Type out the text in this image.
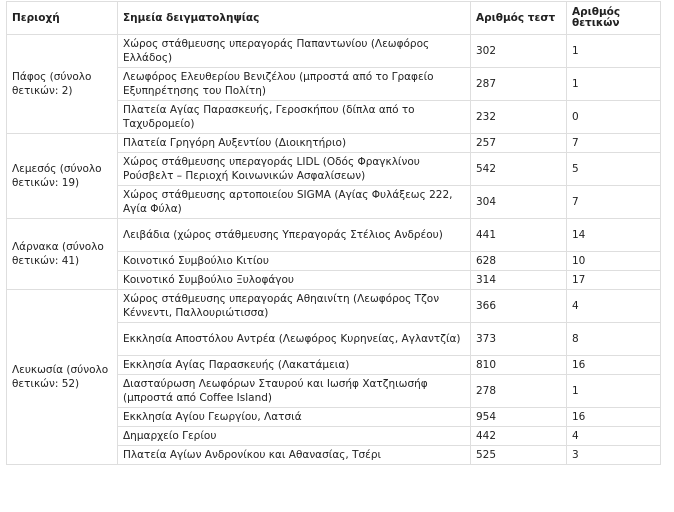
Περιοχή	Σημεία δειγματοληψίας	Αριθμός τεστ	Αριθμός θετικών
Πάφος (σύνολο θετικών: 2)	Χώρος στάθμευσης υπεραγοράς Παπαντωνίου (Λεωφόρος Ελλάδος)	302	1
	Λεωφόρος Ελευθερίου Βενιζέλου (μπροστά από το Γραφείο Εξυπηρέτησης του Πολίτη)	287	1
	Πλατεία Αγίας Παρασκευής, Γεροσκήπου (δίπλα από το Ταχυδρομείο)	232	0
Λεμεσός (σύνολο θετικών: 19)	Πλατεία Γρηγόρη Αυξεντίου (Διοικητήριο)	257	7
	Χώρος στάθμευσης υπεραγοράς LIDL (Οδός Φραγκλίνου Ρούσβελτ – Περιοχή Κοινωνικών Ασφαλίσεων)	542	5
	Χώρος στάθμευσης αρτοποιείου SIGMA (Αγίας Φυλάξεως 222, Αγία Φύλα)	304	7
Λάρνακα (σύνολο θετικών: 41)	Λειβάδια (χώρος στάθμευσης Υπεραγοράς Στέλιος Ανδρέου)	441	14
	Κοινοτικό Συμβούλιο Κιτίου	628	10
	Κοινοτικό Συμβούλιο Ξυλοφάγου	314	17
Λευκωσία (σύνολο θετικών: 52)	Χώρος στάθμευσης υπεραγοράς Αθηαινίτη (Λεωφόρος Τζον Κέννεντι, Παλλουριώτισσα)	366	4
	Εκκλησία Αποστόλου Αντρέα (Λεωφόρος Κυρηνείας, Αγλαντζία)	373	8
	Εκκλησία Αγίας Παρασκευής (Λακατάμεια)	810	16
	Διασταύρωση Λεωφόρων Σταυρού και Ιωσήφ Χατζηιωσήφ (μπροστά από Coffee Island)	278	1
	Εκκλησία Αγίου Γεωργίου, Λατσιά	954	16
	Δημαρχείο Γερίου	442	4
	Πλατεία Αγίων Ανδρονίκου και Αθανασίας, Τσέρι	525	3
